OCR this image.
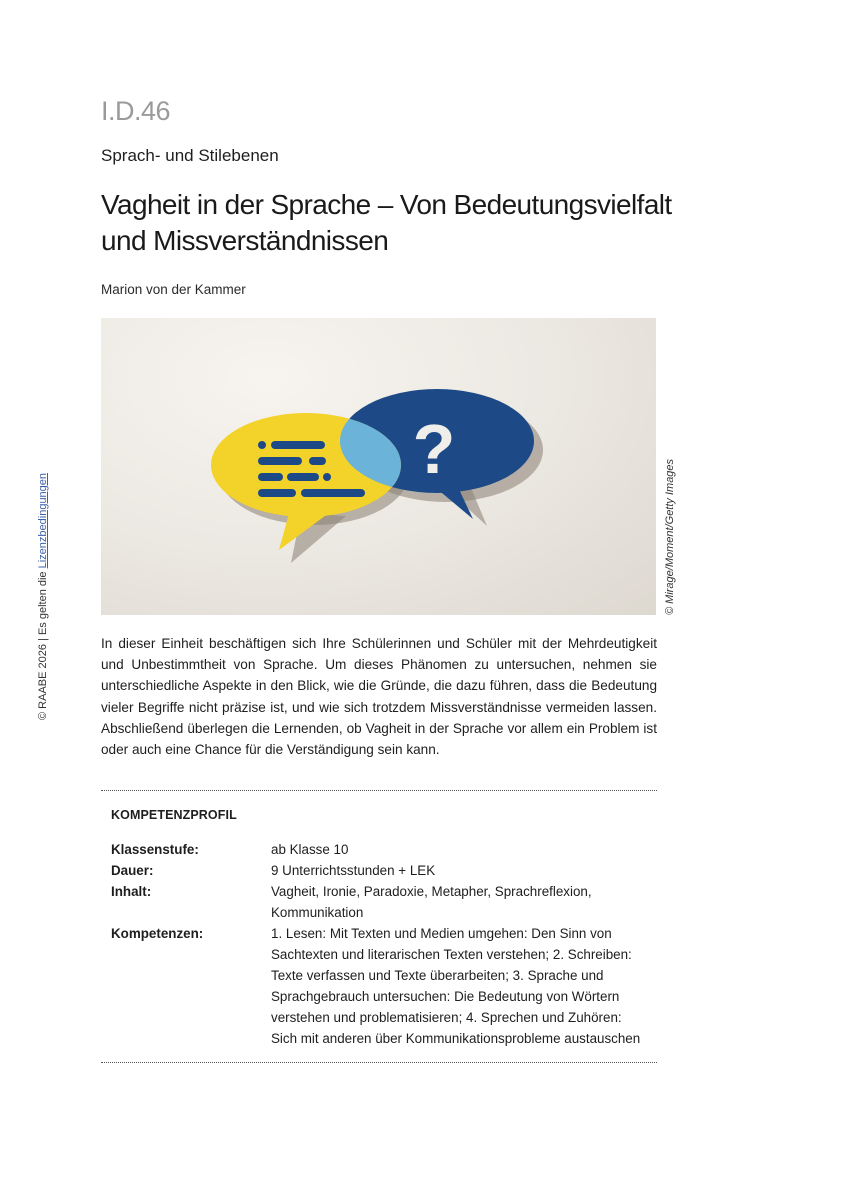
I.D.46
Sprach- und Stilebenen
Vagheit in der Sprache – Von Bedeutungsvielfalt und Missverständnissen
Marion von der Kammer
?
© Mirage/Moment/Getty Images
© RAABE 2026 | Es gelten die Lizenzbedingungen
In dieser Einheit beschäftigen sich Ihre Schülerinnen und Schüler mit der Mehrdeutigkeit und Unbestimmtheit von Sprache. Um dieses Phänomen zu untersuchen, nehmen sie unterschiedliche Aspekte in den Blick, wie die Gründe, die dazu führen, dass die Bedeutung vieler Begriffe nicht präzise ist, und wie sich trotzdem Missverständnisse vermeiden lassen. Abschließend überlegen die Lernenden, ob Vagheit in der Sprache vor allem ein Problem ist oder auch eine Chance für die Verständigung sein kann.
KOMPETENZPROFIL
Klassenstufe:	ab Klasse 10
Dauer:	9 Unterrichtsstunden + LEK
Inhalt:	Vagheit, Ironie, Paradoxie, Metapher, Sprachreflexion, Kommunikation
Kompetenzen:	1. Lesen: Mit Texten und Medien umgehen: Den Sinn von Sachtexten und literarischen Texten verstehen; 2. Schreiben: Texte verfassen und Texte überarbeiten; 3. Sprache und Sprachgebrauch untersuchen: Die Bedeutung von Wörtern verstehen und problematisieren; 4. Sprechen und Zuhören: Sich mit anderen über Kommunikationsprobleme austauschen
